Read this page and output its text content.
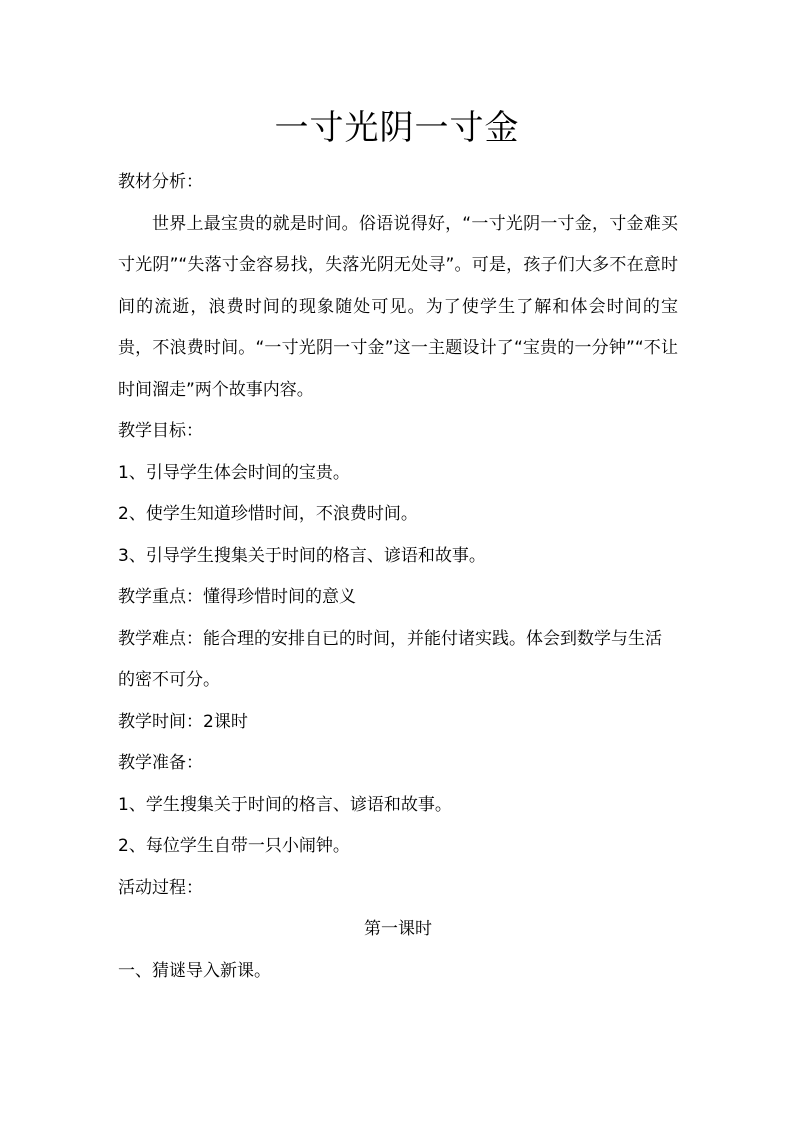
一寸光阴一寸金

教材分析：

世界上最宝贵的就是时间。俗语说得好，“一寸光阴一寸金，寸金难买寸光阴”“失落寸金容易找，失落光阴无处寻”。可是，孩子们大多不在意时间的流逝，浪费时间的现象随处可见。为了使学生了解和体会时间的宝贵，不浪费时间。“一寸光阴一寸金”这一主题设计了“宝贵的一分钟”“不让时间溜走”两个故事内容。

教学目标：

1、引导学生体会时间的宝贵。

2、使学生知道珍惜时间，不浪费时间。

3、引导学生搜集关于时间的格言、谚语和故事。

教学重点：懂得珍惜时间的意义

教学难点：能合理的安排自已的时间，并能付诸实践。体会到数学与生活的密不可分。

教学时间：2课时

教学准备：

1、学生搜集关于时间的格言、谚语和故事。

2、每位学生自带一只小闹钟。

活动过程：

第一课时

一、猜谜导入新课。
